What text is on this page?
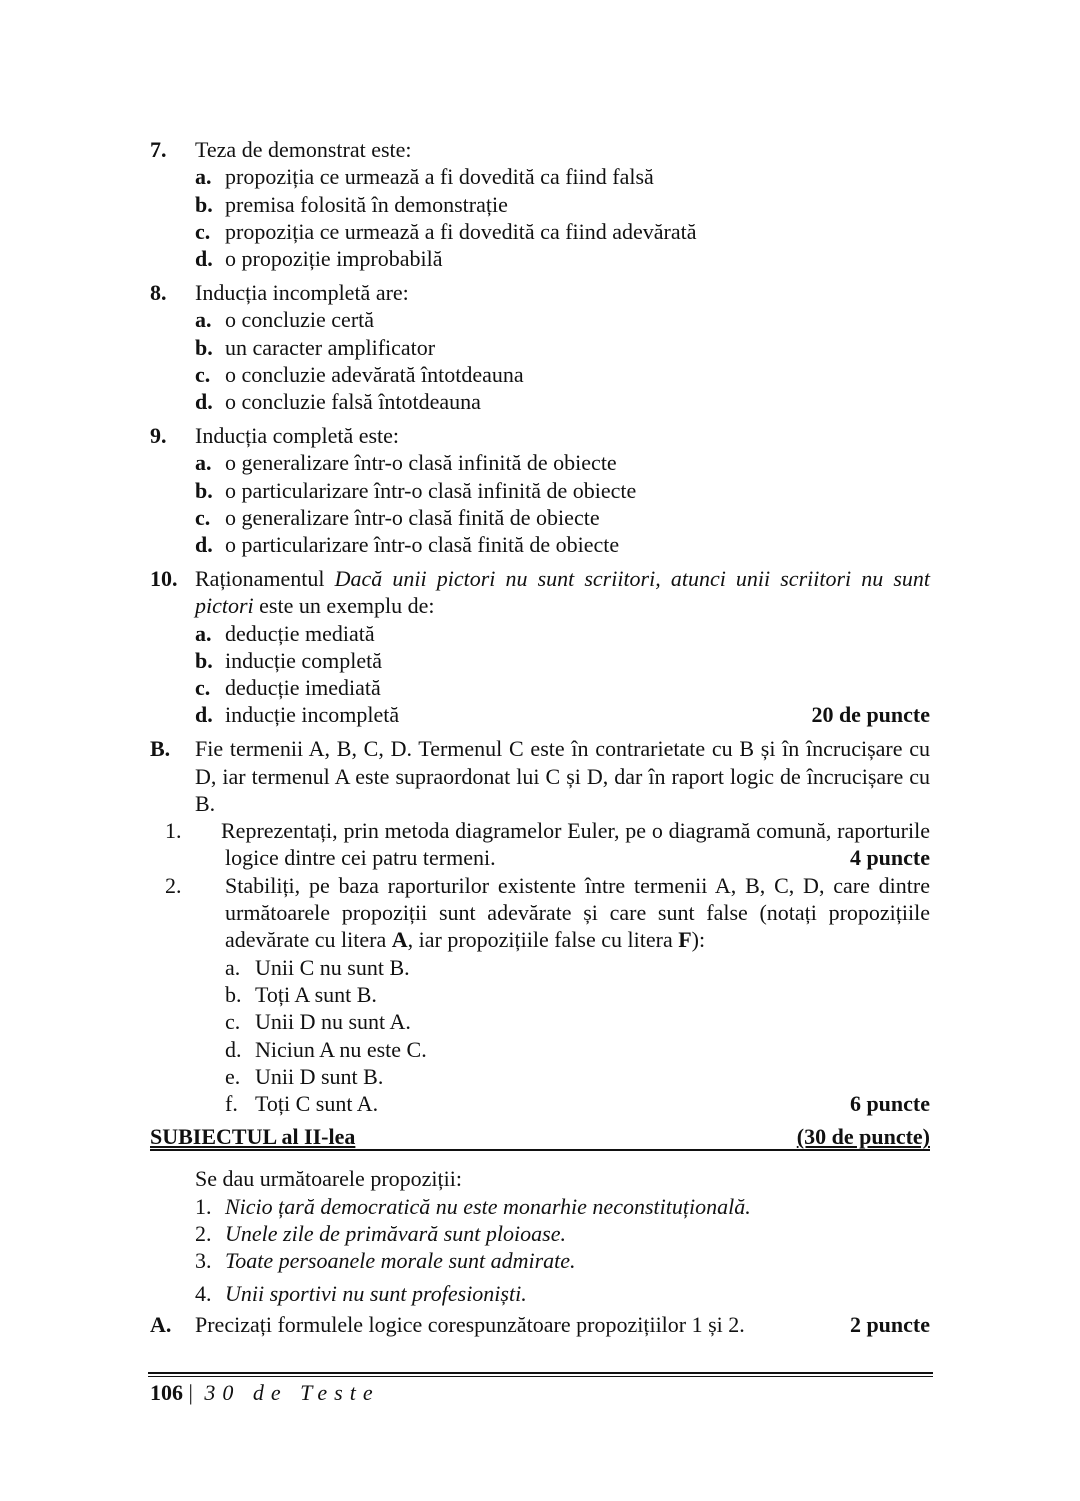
7. Teza de demonstrat este:
a. propoziția ce urmează a fi dovedită ca fiind falsă
b. premisa folosită în demonstrație
c. propoziția ce urmează a fi dovedită ca fiind adevărată
d. o propoziție improbabilă
8. Inducția incompletă are:
a. o concluzie certă
b. un caracter amplificator
c. o concluzie adevărată întotdeauna
d. o concluzie falsă întotdeauna
9. Inducția completă este:
a. o generalizare într-o clasă infinită de obiecte
b. o particularizare într-o clasă infinită de obiecte
c. o generalizare într-o clasă finită de obiecte
d. o particularizare într-o clasă finită de obiecte
10. Raționamentul Dacă unii pictori nu sunt scriitori, atunci unii scriitori nu sunt pictori este un exemplu de:
a. deducție mediată
b. inducție completă
c. deducție imediată
d. inducție incompletă	20 de puncte
B. Fie termenii A, B, C, D. Termenul C este în contrarietate cu B și în încrucișare cu D, iar termenul A este supraordonat lui C și D, dar în raport logic de încrucișare cu B.
1.	Reprezentați, prin metoda diagramelor Euler, pe o diagramă comună, raporturile logice dintre cei patru termeni.	4 puncte
2. Stabiliți, pe baza raporturilor existente între termenii A, B, C, D, care dintre următoarele propoziții sunt adevărate și care sunt false (notați propozițiile adevărate cu litera A, iar propozițiile false cu litera F):
a. Unii C nu sunt B.
b. Toți A sunt B.
c. Unii D nu sunt A.
d. Niciun A nu este C.
e. Unii D sunt B.
f. Toți C sunt A.	6 puncte
SUBIECTUL al II-lea	(30 de puncte)
Se dau următoarele propoziții:
1. Nicio țară democratică nu este monarhie neconstituțională.
2. Unele zile de primăvară sunt ploioase.
3. Toate persoanele morale sunt admirate.
4. Unii sportivi nu sunt profesioniști.
A. Precizați formulele logice corespunzătoare propozițiilor 1 și 2.	2 puncte
106 | 30 de Teste
